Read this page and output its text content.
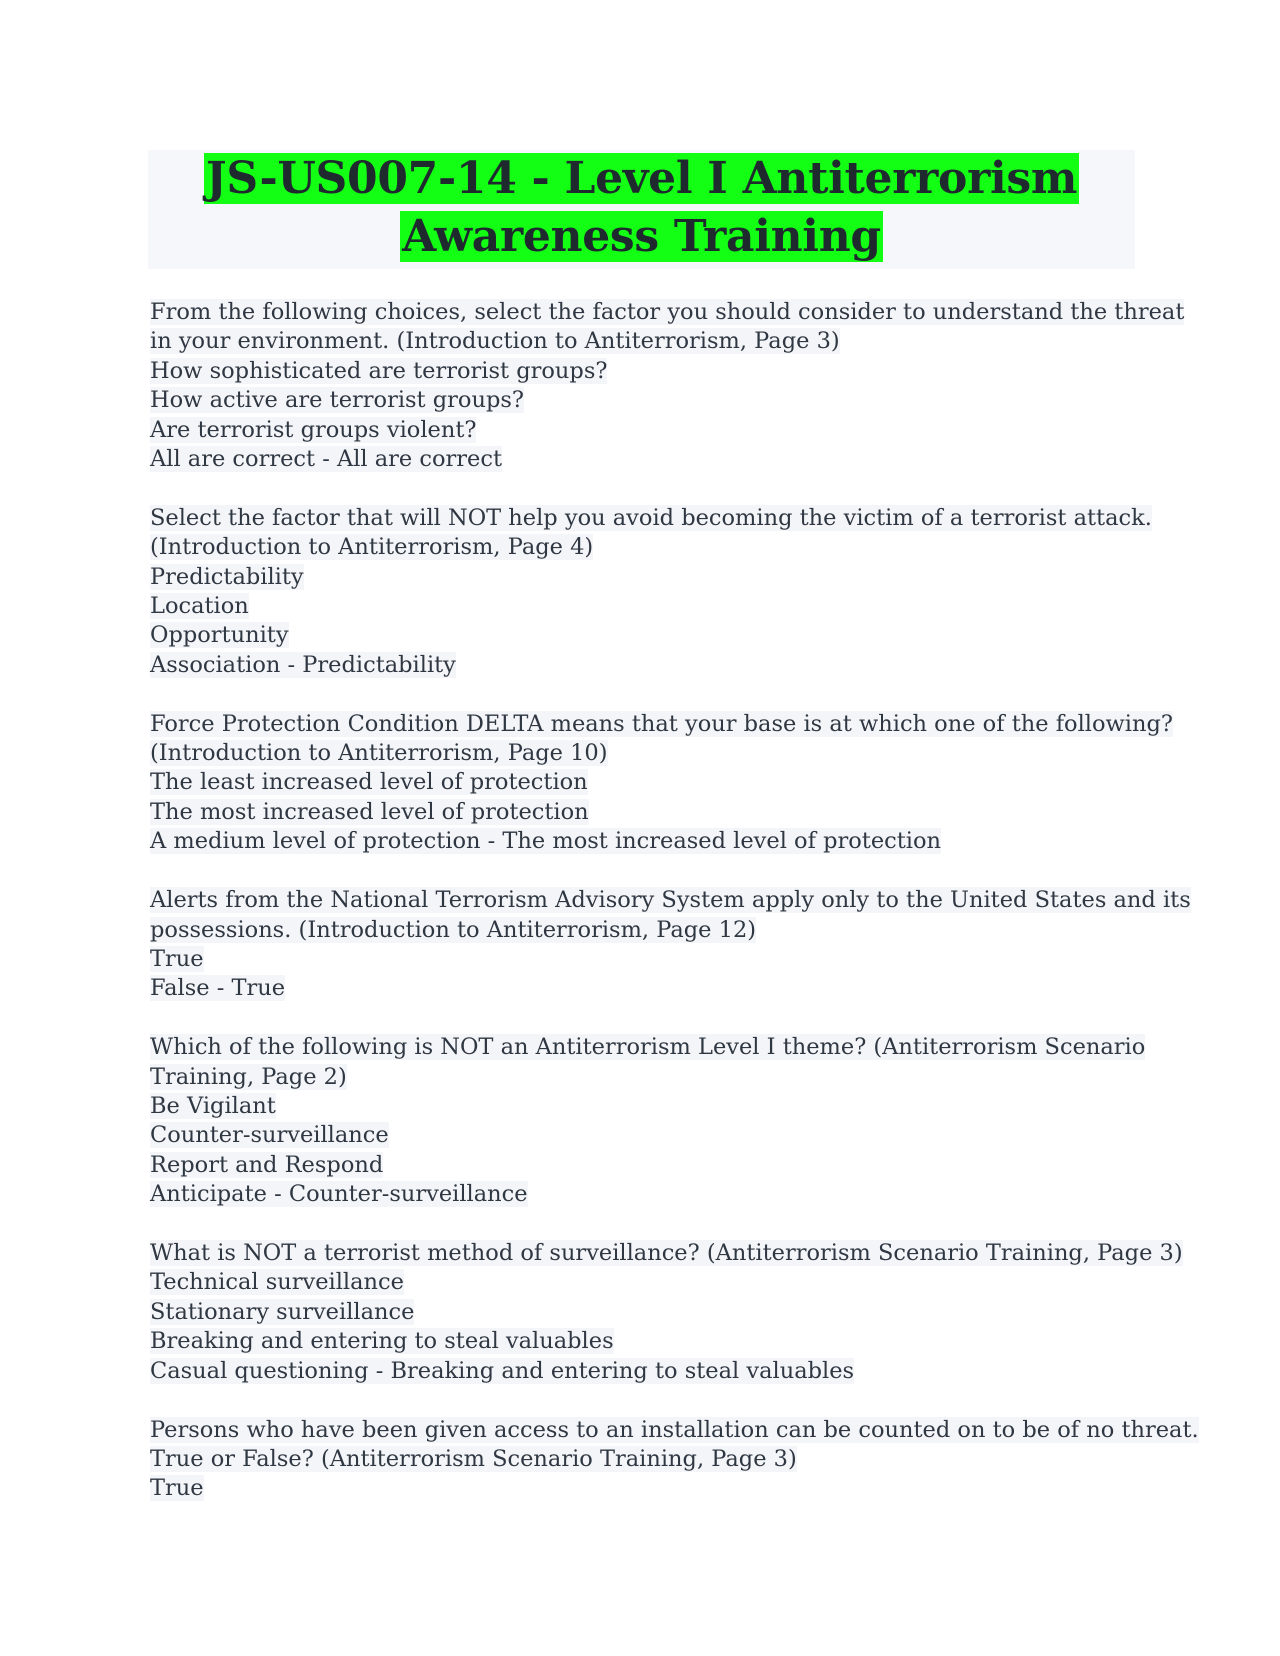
JS-US007-14 - Level I Antiterrorism
Awareness Training
From the following choices, select the factor you should consider to understand the threat
in your environment. (Introduction to Antiterrorism, Page 3)
How sophisticated are terrorist groups?
How active are terrorist groups?
Are terrorist groups violent?
All are correct - All are correct
Select the factor that will NOT help you avoid becoming the victim of a terrorist attack.
(Introduction to Antiterrorism, Page 4)
Predictability
Location
Opportunity
Association - Predictability
Force Protection Condition DELTA means that your base is at which one of the following?
(Introduction to Antiterrorism, Page 10)
The least increased level of protection
The most increased level of protection
A medium level of protection - The most increased level of protection
Alerts from the National Terrorism Advisory System apply only to the United States and its
possessions. (Introduction to Antiterrorism, Page 12)
True
False - True
Which of the following is NOT an Antiterrorism Level I theme? (Antiterrorism Scenario
Training, Page 2)
Be Vigilant
Counter-surveillance
Report and Respond
Anticipate - Counter-surveillance
What is NOT a terrorist method of surveillance? (Antiterrorism Scenario Training, Page 3)
Technical surveillance
Stationary surveillance
Breaking and entering to steal valuables
Casual questioning - Breaking and entering to steal valuables
Persons who have been given access to an installation can be counted on to be of no threat.
True or False? (Antiterrorism Scenario Training, Page 3)
True
